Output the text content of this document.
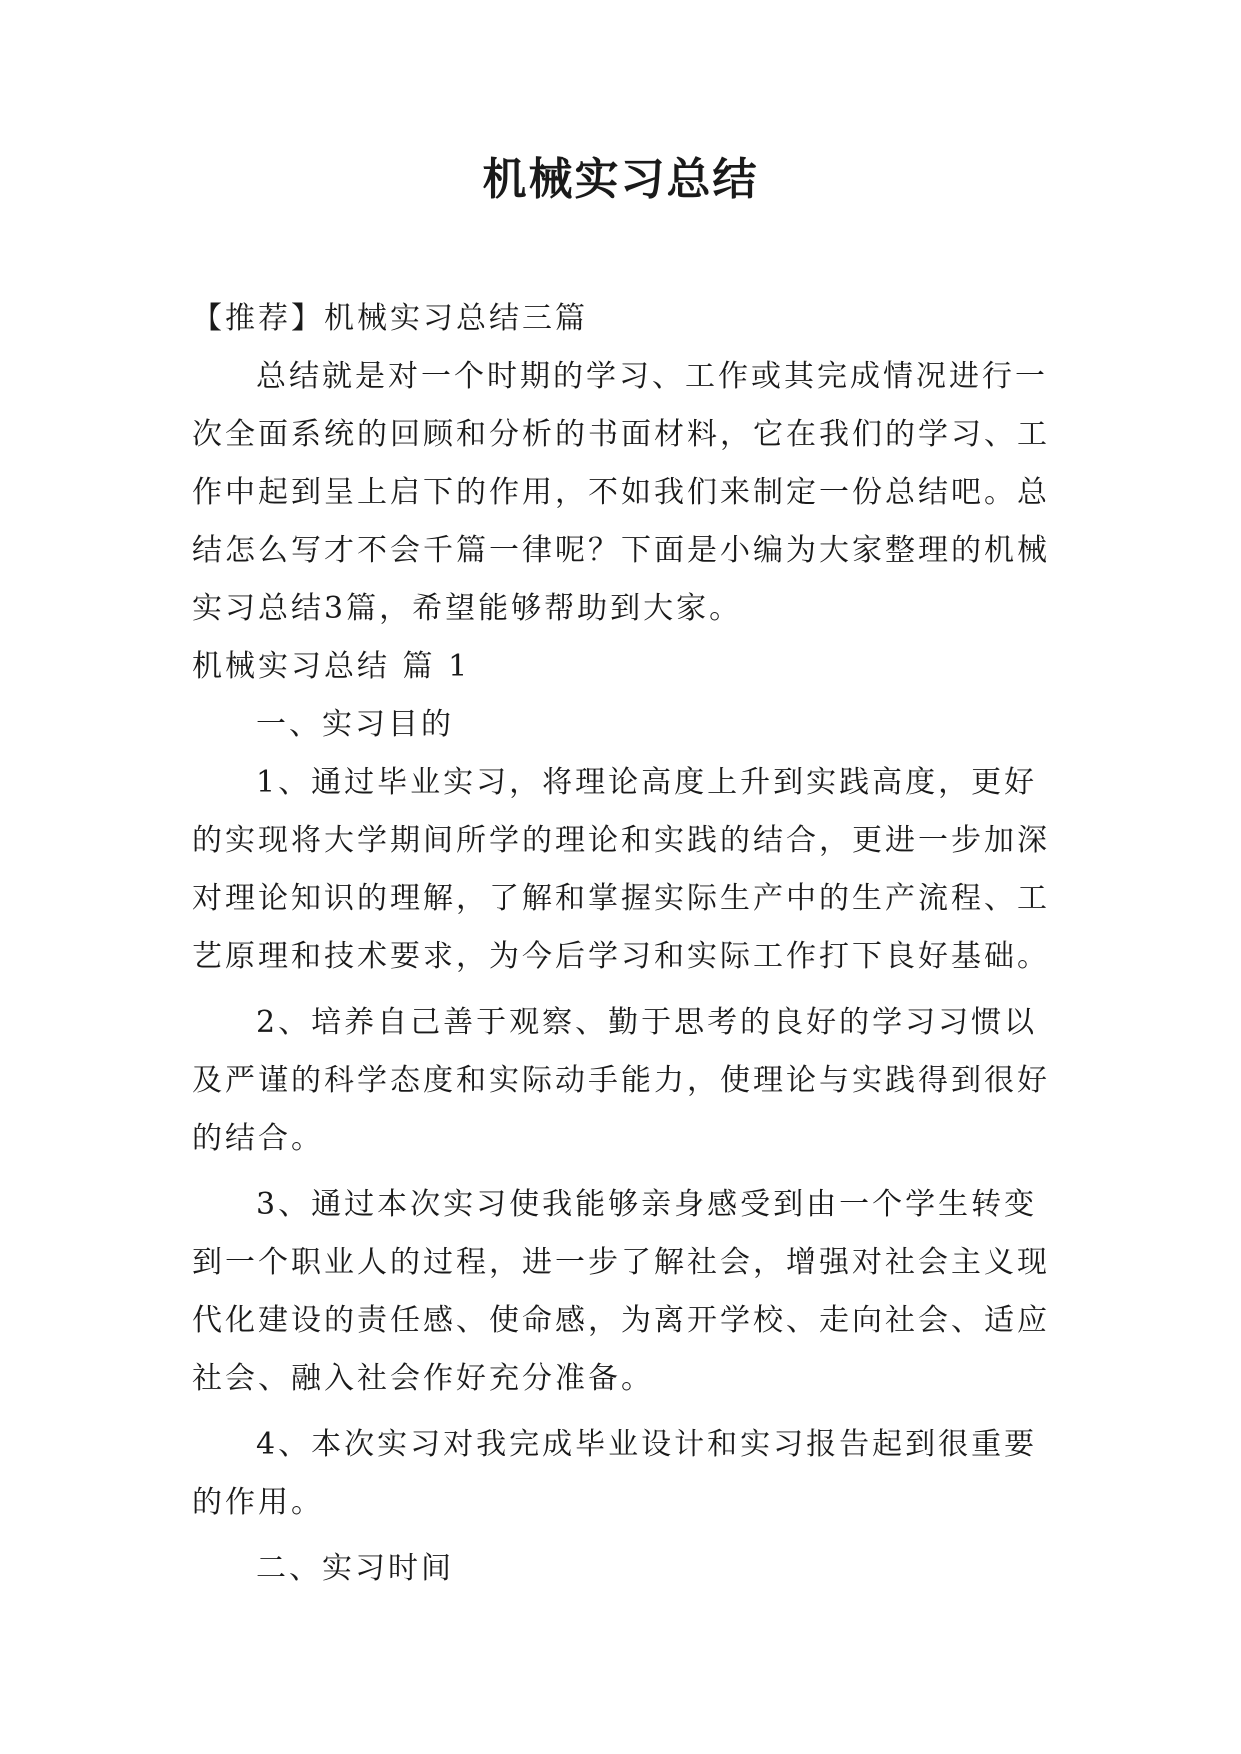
机械实习总结

【推荐】机械实习总结三篇

总结就是对一个时期的学习、工作或其完成情况进行一次全面系统的回顾和分析的书面材料，它在我们的学习、工作中起到呈上启下的作用，不如我们来制定一份总结吧。总结怎么写才不会千篇一律呢？下面是小编为大家整理的机械实习总结3篇，希望能够帮助到大家。

机械实习总结 篇 1

一、实习目的

1、通过毕业实习，将理论高度上升到实践高度，更好的实现将大学期间所学的理论和实践的结合，更进一步加深对理论知识的理解，了解和掌握实际生产中的生产流程、工艺原理和技术要求，为今后学习和实际工作打下良好基础。

2、培养自己善于观察、勤于思考的良好的学习习惯以及严谨的科学态度和实际动手能力，使理论与实践得到很好的结合。

3、通过本次实习使我能够亲身感受到由一个学生转变到一个职业人的过程，进一步了解社会，增强对社会主义现代化建设的责任感、使命感，为离开学校、走向社会、适应社会、融入社会作好充分准备。

4、本次实习对我完成毕业设计和实习报告起到很重要的作用。

二、实习时间
